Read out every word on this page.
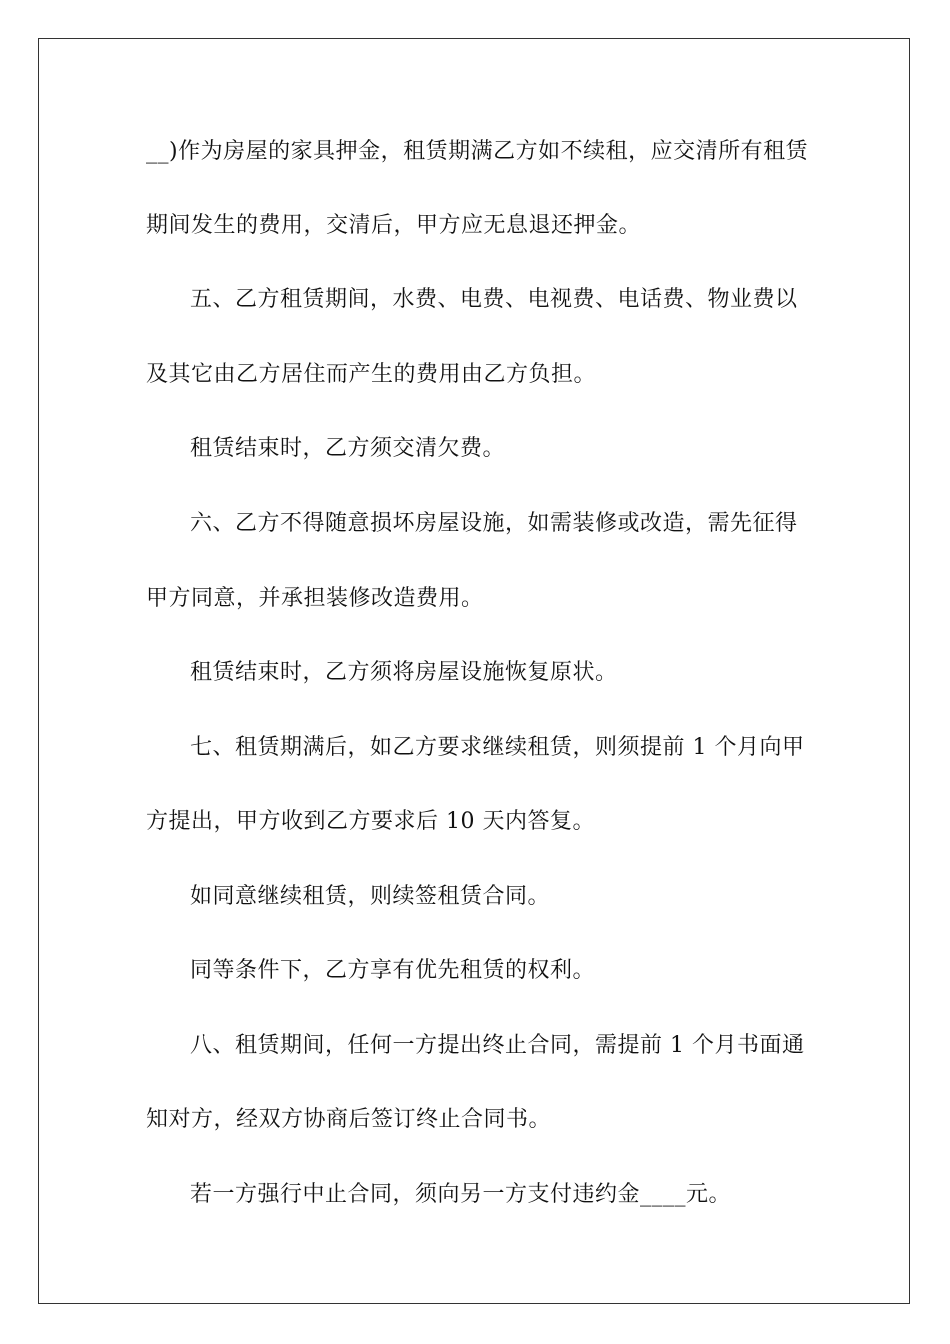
__)作为房屋的家具押金，租赁期满乙方如不续租，应交清所有租赁
期间发生的费用，交清后，甲方应无息退还押金。
五、乙方租赁期间，水费、电费、电视费、电话费、物业费以
及其它由乙方居住而产生的费用由乙方负担。
租赁结束时，乙方须交清欠费。
六、乙方不得随意损坏房屋设施，如需装修或改造，需先征得
甲方同意，并承担装修改造费用。
租赁结束时，乙方须将房屋设施恢复原状。
七、租赁期满后，如乙方要求继续租赁，则须提前 1 个月向甲
方提出，甲方收到乙方要求后 10 天内答复。
如同意继续租赁，则续签租赁合同。
同等条件下，乙方享有优先租赁的权利。
八、租赁期间，任何一方提出终止合同，需提前 1 个月书面通
知对方，经双方协商后签订终止合同书。
若一方强行中止合同，须向另一方支付违约金____元。
